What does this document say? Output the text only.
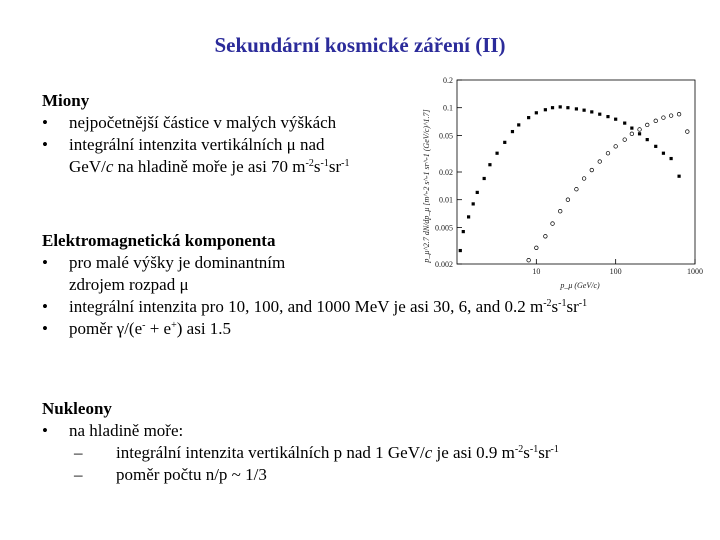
Sekundární kosmické záření (II)
Miony
• nejpočetnější částice v malých výškách
• integrální intenzita vertikálních μ nad
GeV/c na hladině moře je asi 70 $m^{-2}s^{-1}sr^{-1}$
Elektromagnetická komponenta
• pro malé výšky je dominantním
zdrojem rozpad μ
• integrální intenzita pro 10, 100, and 1000 MeV je asi 30, 6, and 0.2 $m^{-2}s^{-1}sr^{-1}$
• poměr γ/(e- + e+) asi 1.5
Nukleony
• na hladině moře:
– integrální intenzita vertikálních p nad 1 GeV/c je asi 0.9 $m^{-2}s^{-1}sr^{-1}$
– poměr počtu n/p ~ 1/3
p_μ^2.7 dN/dp_μ [m^-2 s^-1 sr^-1 (GeV/c)^1.7]
0.2
0.1
0.05
0.02
0.01
0.005
0.002
10	100	1000
p_μ (GeV/c)
